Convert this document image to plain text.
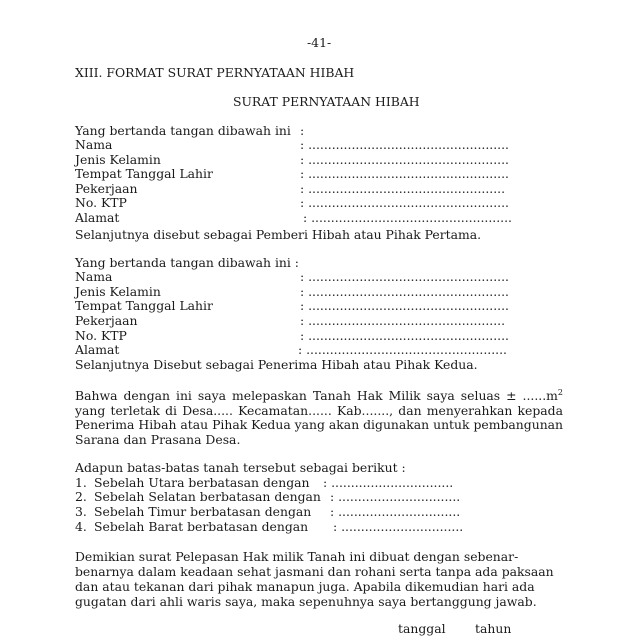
-41-
XIII. FORMAT SURAT PERNYATAAN HIBAH
SURAT PERNYATAAN HIBAH
Yang bertanda tangan dibawah ini :
Nama	: ...................................................
Jenis Kelamin	: ...................................................
Tempat Tanggal Lahir	: ...................................................
Pekerjaan	: ..................................................
No. KTP	: ...................................................
Alamat	: ...................................................
Selanjutnya disebut sebagai Pemberi Hibah atau Pihak Pertama.
Yang bertanda tangan dibawah ini :
Nama	: ...................................................
Jenis Kelamin	: ...................................................
Tempat Tanggal Lahir	: ...................................................
Pekerjaan	: ..................................................
No. KTP	: ...................................................
Alamat	: ...................................................
Selanjutnya Disebut sebagai Penerima Hibah atau Pihak Kedua.
Bahwa dengan ini saya melepaskan Tanah Hak Milik saya seluas ± $......m^2$
yang terletak di Desa..... Kecamatan...... Kab......., dan menyerahkan kepada
Penerima Hibah atau Pihak Kedua yang akan digunakan untuk pembangunan
Sarana dan Prasana Desa.
Adapun batas-batas tanah tersebut sebagai berikut :
1. Sebelah Utara berbatasan dengan : ...............................
2. Sebelah Selatan berbatasan dengan : ...............................
3. Sebelah Timur berbatasan dengan : ...............................
4. Sebelah Barat berbatasan dengan : ...............................
Demikian surat Pelepasan Hak milik Tanah ini dibuat dengan sebenar-
benarnya dalam keadaan sehat jasmani dan rohani serta tanpa ada paksaan
dan atau tekanan dari pihak manapun juga. Apabila dikemudian hari ada
gugatan dari ahli waris saya, maka sepenuhnya saya bertanggung jawab.
tanggal tahun
